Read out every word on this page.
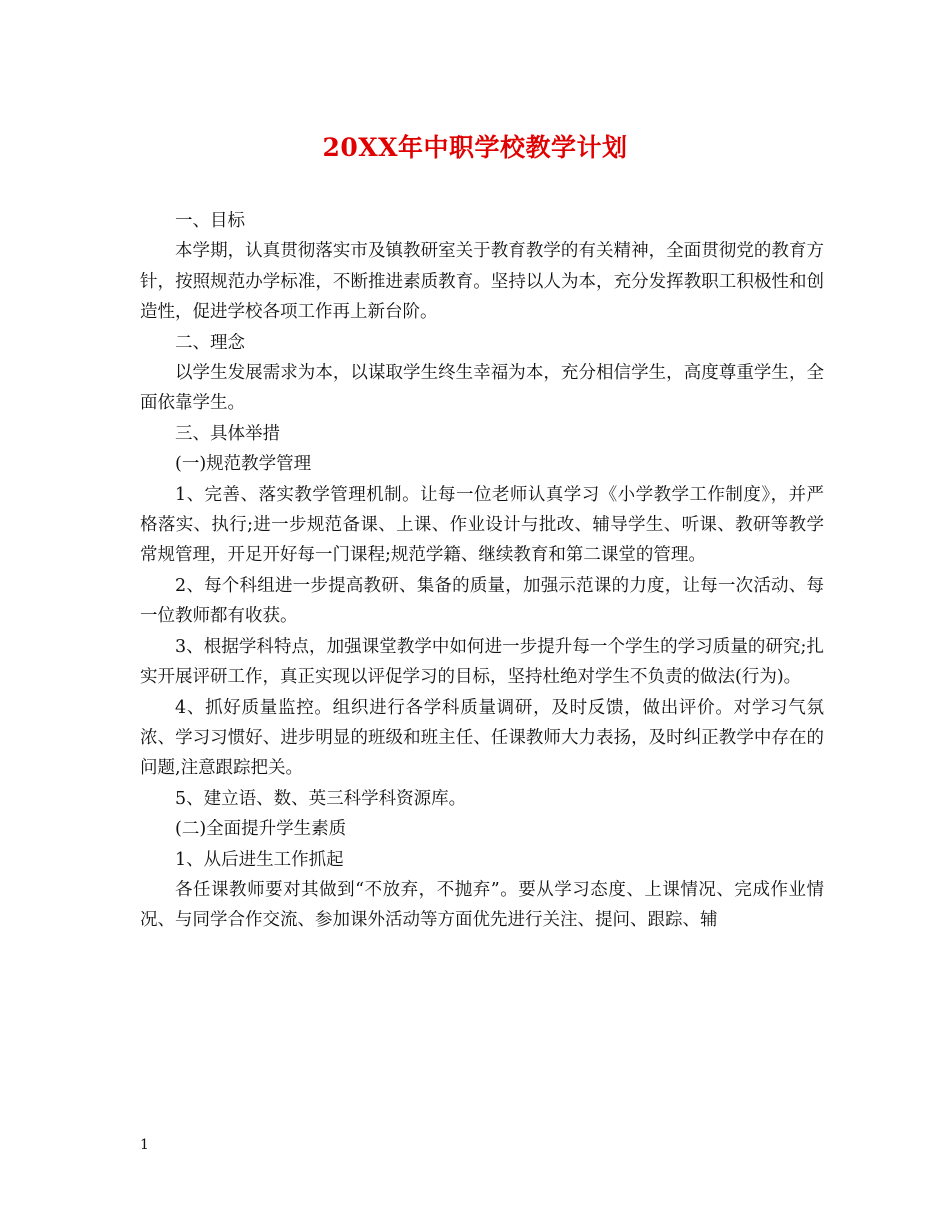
20XX年中职学校教学计划

一、目标

本学期，认真贯彻落实市及镇教研室关于教育教学的有关精神，全面贯彻党的教育方针，按照规范办学标准，不断推进素质教育。坚持以人为本，充分发挥教职工积极性和创造性，促进学校各项工作再上新台阶。

二、理念

以学生发展需求为本，以谋取学生终生幸福为本，充分相信学生，高度尊重学生，全面依靠学生。

三、具体举措

(一)规范教学管理

1、完善、落实教学管理机制。让每一位老师认真学习《小学教学工作制度》，并严格落实、执行;进一步规范备课、上课、作业设计与批改、辅导学生、听课、教研等教学常规管理，开足开好每一门课程;规范学籍、继续教育和第二课堂的管理。

2、每个科组进一步提高教研、集备的质量，加强示范课的力度，让每一次活动、每一位教师都有收获。

3、根据学科特点，加强课堂教学中如何进一步提升每一个学生的学习质量的研究;扎实开展评研工作，真正实现以评促学习的目标，坚持杜绝对学生不负责的做法(行为)。

4、抓好质量监控。组织进行各学科质量调研，及时反馈，做出评价。对学习气氛浓、学习习惯好、进步明显的班级和班主任、任课教师大力表扬，及时纠正教学中存在的问题,注意跟踪把关。

5、建立语、数、英三科学科资源库。

(二)全面提升学生素质

1、从后进生工作抓起

各任课教师要对其做到“不放弃，不抛弃”。要从学习态度、上课情况、完成作业情况、与同学合作交流、参加课外活动等方面优先进行关注、提问、跟踪、辅

1
